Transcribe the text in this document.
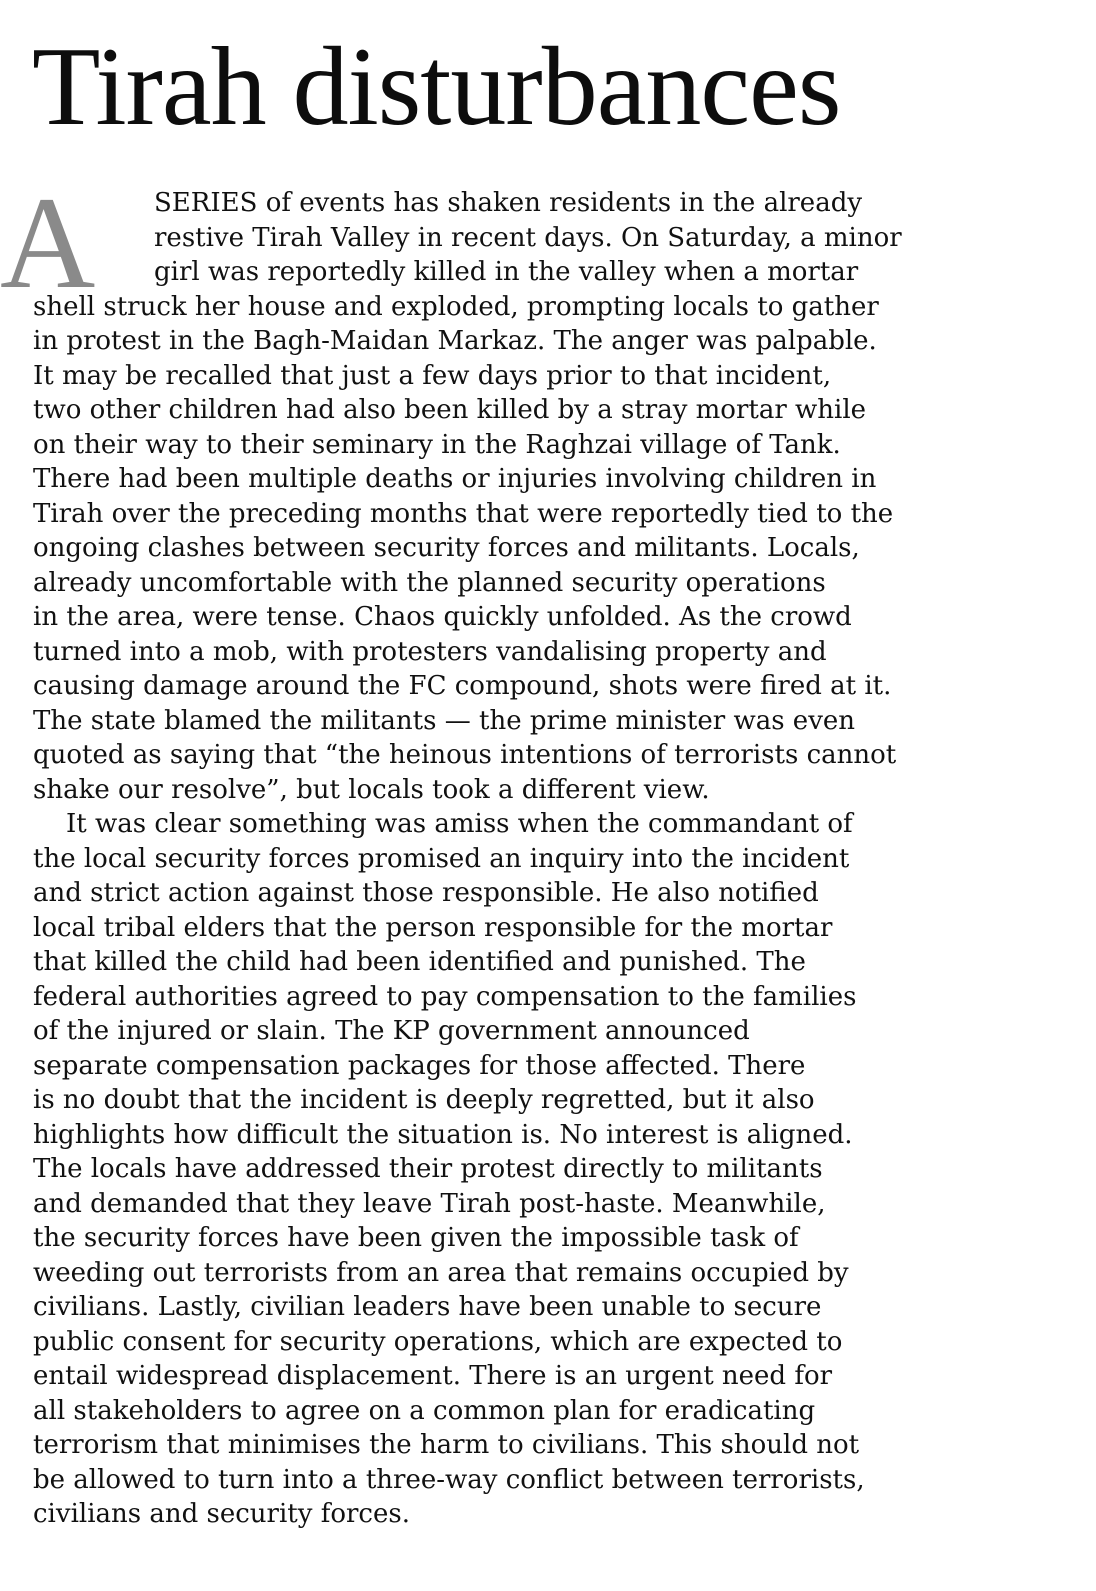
Tirah disturbances
A	SERIES of events has shaken residents in the already
restive Tirah Valley in recent days. On Saturday, a minor
girl was reportedly killed in the valley when a mortar
shell struck her house and exploded, prompting locals to gather
in protest in the Bagh-Maidan Markaz. The anger was palpable.
It may be recalled that just a few days prior to that incident,
two other children had also been killed by a stray mortar while
on their way to their seminary in the Raghzai village of Tank.
There had been multiple deaths or injuries involving children in
Tirah over the preceding months that were reportedly tied to the
ongoing clashes between security forces and militants. Locals,
already uncomfortable with the planned security operations
in the area, were tense. Chaos quickly unfolded. As the crowd
turned into a mob, with protesters vandalising property and
causing damage around the FC compound, shots were fired at it.
The state blamed the militants — the prime minister was even
quoted as saying that “the heinous intentions of terrorists cannot
shake our resolve”, but locals took a different view.
It was clear something was amiss when the commandant of
the local security forces promised an inquiry into the incident
and strict action against those responsible. He also notified
local tribal elders that the person responsible for the mortar
that killed the child had been identified and punished. The
federal authorities agreed to pay compensation to the families
of the injured or slain. The KP government announced
separate compensation packages for those affected. There
is no doubt that the incident is deeply regretted, but it also
highlights how difficult the situation is. No interest is aligned.
The locals have addressed their protest directly to militants
and demanded that they leave Tirah post-haste. Meanwhile,
the security forces have been given the impossible task of
weeding out terrorists from an area that remains occupied by
civilians. Lastly, civilian leaders have been unable to secure
public consent for security operations, which are expected to
entail widespread displacement. There is an urgent need for
all stakeholders to agree on a common plan for eradicating
terrorism that minimises the harm to civilians. This should not
be allowed to turn into a three-way conflict between terrorists,
civilians and security forces.
